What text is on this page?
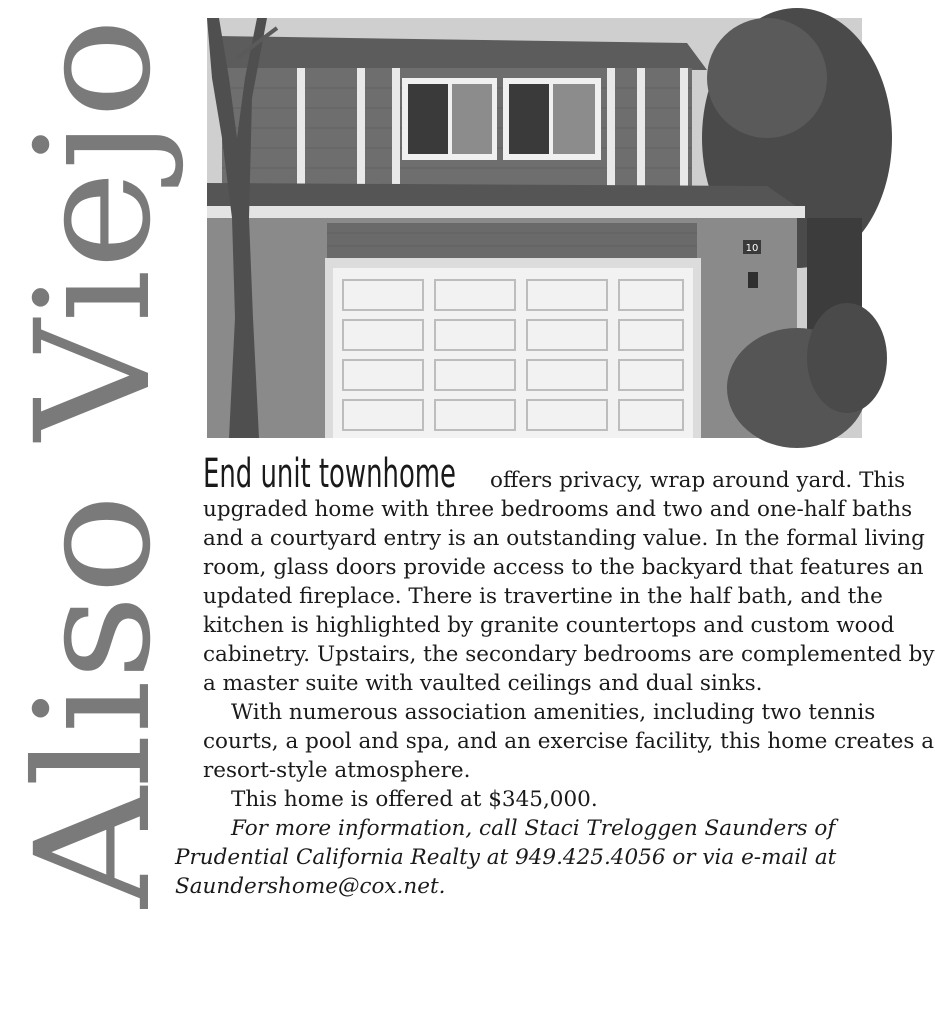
Aliso Viejo	10

End unit townhome offers privacy, wrap around yard. This
upgraded home with three bedrooms and two and one-half baths
and a courtyard entry is an outstanding value. In the formal living
room, glass doors provide access to the backyard that features an
updated fireplace. There is travertine in the half bath, and the
kitchen is highlighted by granite countertops and custom wood
cabinetry. Upstairs, the secondary bedrooms are complemented by
a master suite with vaulted ceilings and dual sinks.

With numerous association amenities, including two tennis
courts, a pool and spa, and an exercise facility, this home creates a
resort-style atmosphere.

This home is offered at $345,000.

For more information, call Staci Treloggen Saunders of
Prudential California Realty at 949.425.4056 or via e-mail at
Saundershome@cox.net.
